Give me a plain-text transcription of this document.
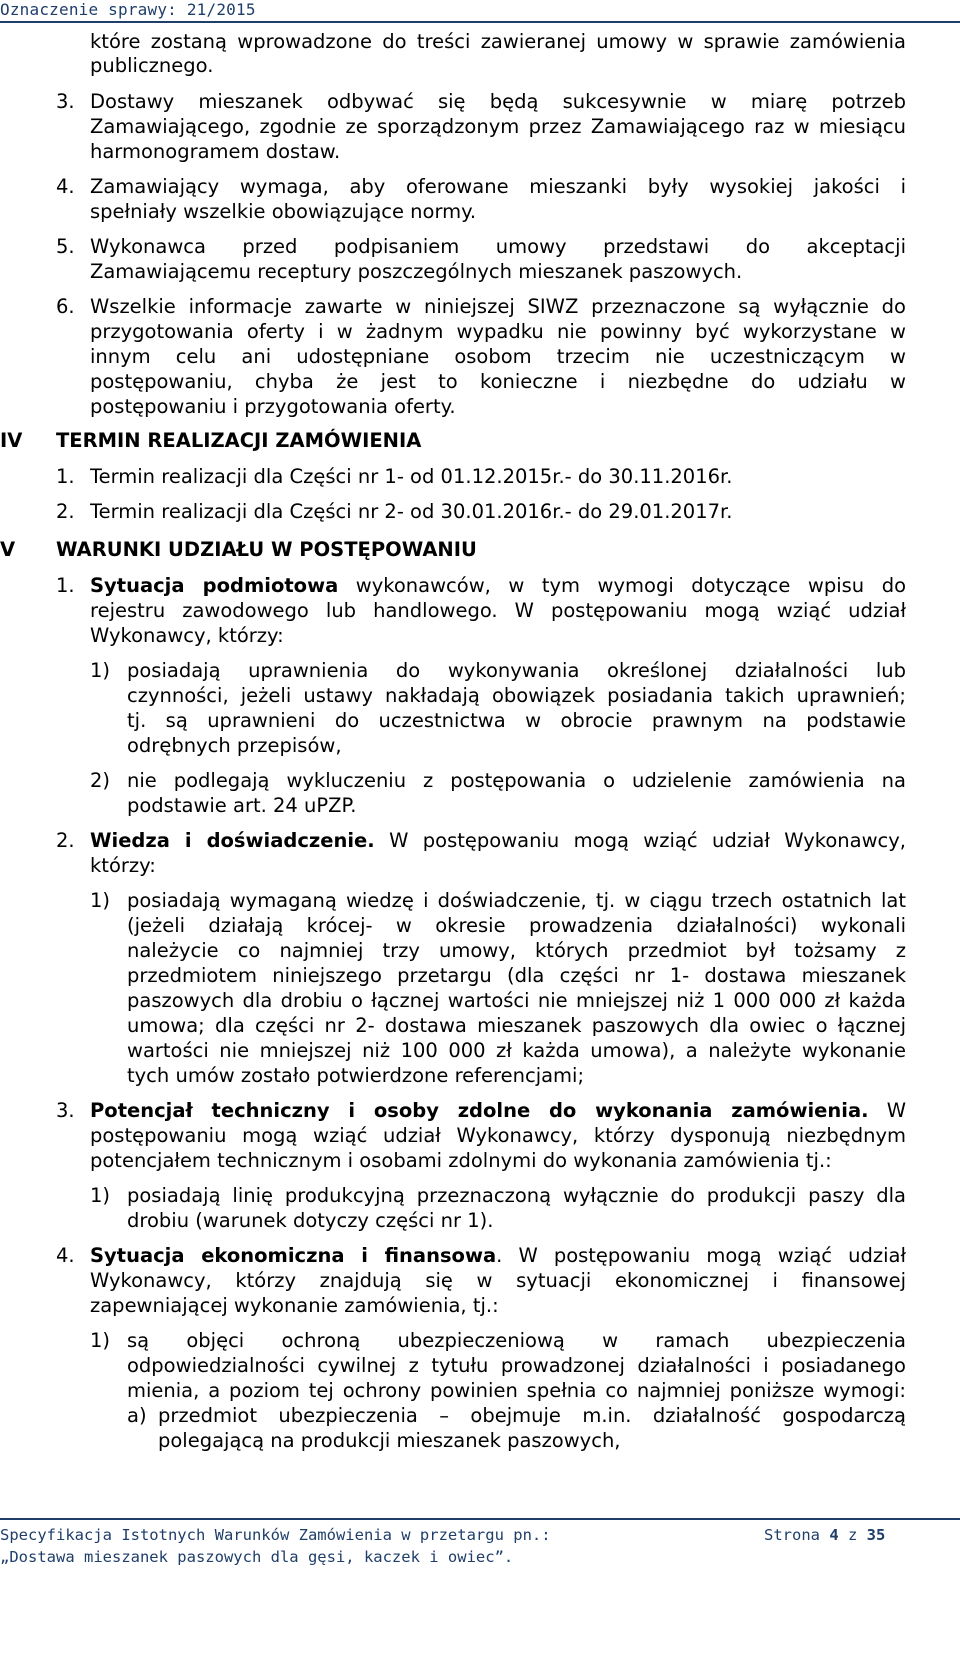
Oznaczenie sprawy: 21/2015
które zostaną wprowadzone do treści zawieranej umowy w sprawie zamówienia
publicznego.
3. Dostawy mieszanek odbywać się będą sukcesywnie w miarę potrzeb
Zamawiającego, zgodnie ze sporządzonym przez Zamawiającego raz w miesiącu
harmonogramem dostaw.
4. Zamawiający wymaga, aby oferowane mieszanki były wysokiej jakości i
spełniały wszelkie obowiązujące normy.
5. Wykonawca przed podpisaniem umowy przedstawi do akceptacji
Zamawiającemu receptury poszczególnych mieszanek paszowych.
6. Wszelkie informacje zawarte w niniejszej SIWZ przeznaczone są wyłącznie do
przygotowania oferty i w żadnym wypadku nie powinny być wykorzystane w
innym celu ani udostępniane osobom trzecim nie uczestniczącym w
postępowaniu, chyba że jest to konieczne i niezbędne do udziału w
postępowaniu i przygotowania oferty.
IV TERMIN REALIZACJI ZAMÓWIENIA
1. Termin realizacji dla Części nr 1- od 01.12.2015r.- do 30.11.2016r.
2. Termin realizacji dla Części nr 2- od 30.01.2016r.- do 29.01.2017r.
V WARUNKI UDZIAŁU W POSTĘPOWANIU
1. Sytuacja podmiotowa wykonawców, w tym wymogi dotyczące wpisu do
rejestru zawodowego lub handlowego. W postępowaniu mogą wziąć udział
Wykonawcy, którzy:
1) posiadają uprawnienia do wykonywania określonej działalności lub
czynności, jeżeli ustawy nakładają obowiązek posiadania takich uprawnień;
tj. są uprawnieni do uczestnictwa w obrocie prawnym na podstawie
odrębnych przepisów,
2) nie podlegają wykluczeniu z postępowania o udzielenie zamówienia na
podstawie art. 24 uPZP.
2. Wiedza i doświadczenie. W postępowaniu mogą wziąć udział Wykonawcy,
którzy:
1) posiadają wymaganą wiedzę i doświadczenie, tj. w ciągu trzech ostatnich lat
(jeżeli działają krócej- w okresie prowadzenia działalności) wykonali
należycie co najmniej trzy umowy, których przedmiot był tożsamy z
przedmiotem niniejszego przetargu (dla części nr 1- dostawa mieszanek
paszowych dla drobiu o łącznej wartości nie mniejszej niż 1 000 000 zł każda
umowa; dla części nr 2- dostawa mieszanek paszowych dla owiec o łącznej
wartości nie mniejszej niż 100 000 zł każda umowa), a należyte wykonanie
tych umów zostało potwierdzone referencjami;
3. Potencjał techniczny i osoby zdolne do wykonania zamówienia. W
postępowaniu mogą wziąć udział Wykonawcy, którzy dysponują niezbędnym
potencjałem technicznym i osobami zdolnymi do wykonania zamówienia tj.:
1) posiadają linię produkcyjną przeznaczoną wyłącznie do produkcji paszy dla
drobiu (warunek dotyczy części nr 1).
4. Sytuacja ekonomiczna i finansowa. W postępowaniu mogą wziąć udział
Wykonawcy, którzy znajdują się w sytuacji ekonomicznej i finansowej
zapewniającej wykonanie zamówienia, tj.:
1) są objęci ochroną ubezpieczeniową w ramach ubezpieczenia
odpowiedzialności cywilnej z tytułu prowadzonej działalności i posiadanego
mienia, a poziom tej ochrony powinien spełnia co najmniej poniższe wymogi:
a) przedmiot ubezpieczenia – obejmuje m.in. działalność gospodarczą
polegającą na produkcji mieszanek paszowych,
Specyfikacja Istotnych Warunków Zamówienia w przetargu pn.:
„Dostawa mieszanek paszowych dla gęsi, kaczek i owiec”.
Strona 4 z 35
